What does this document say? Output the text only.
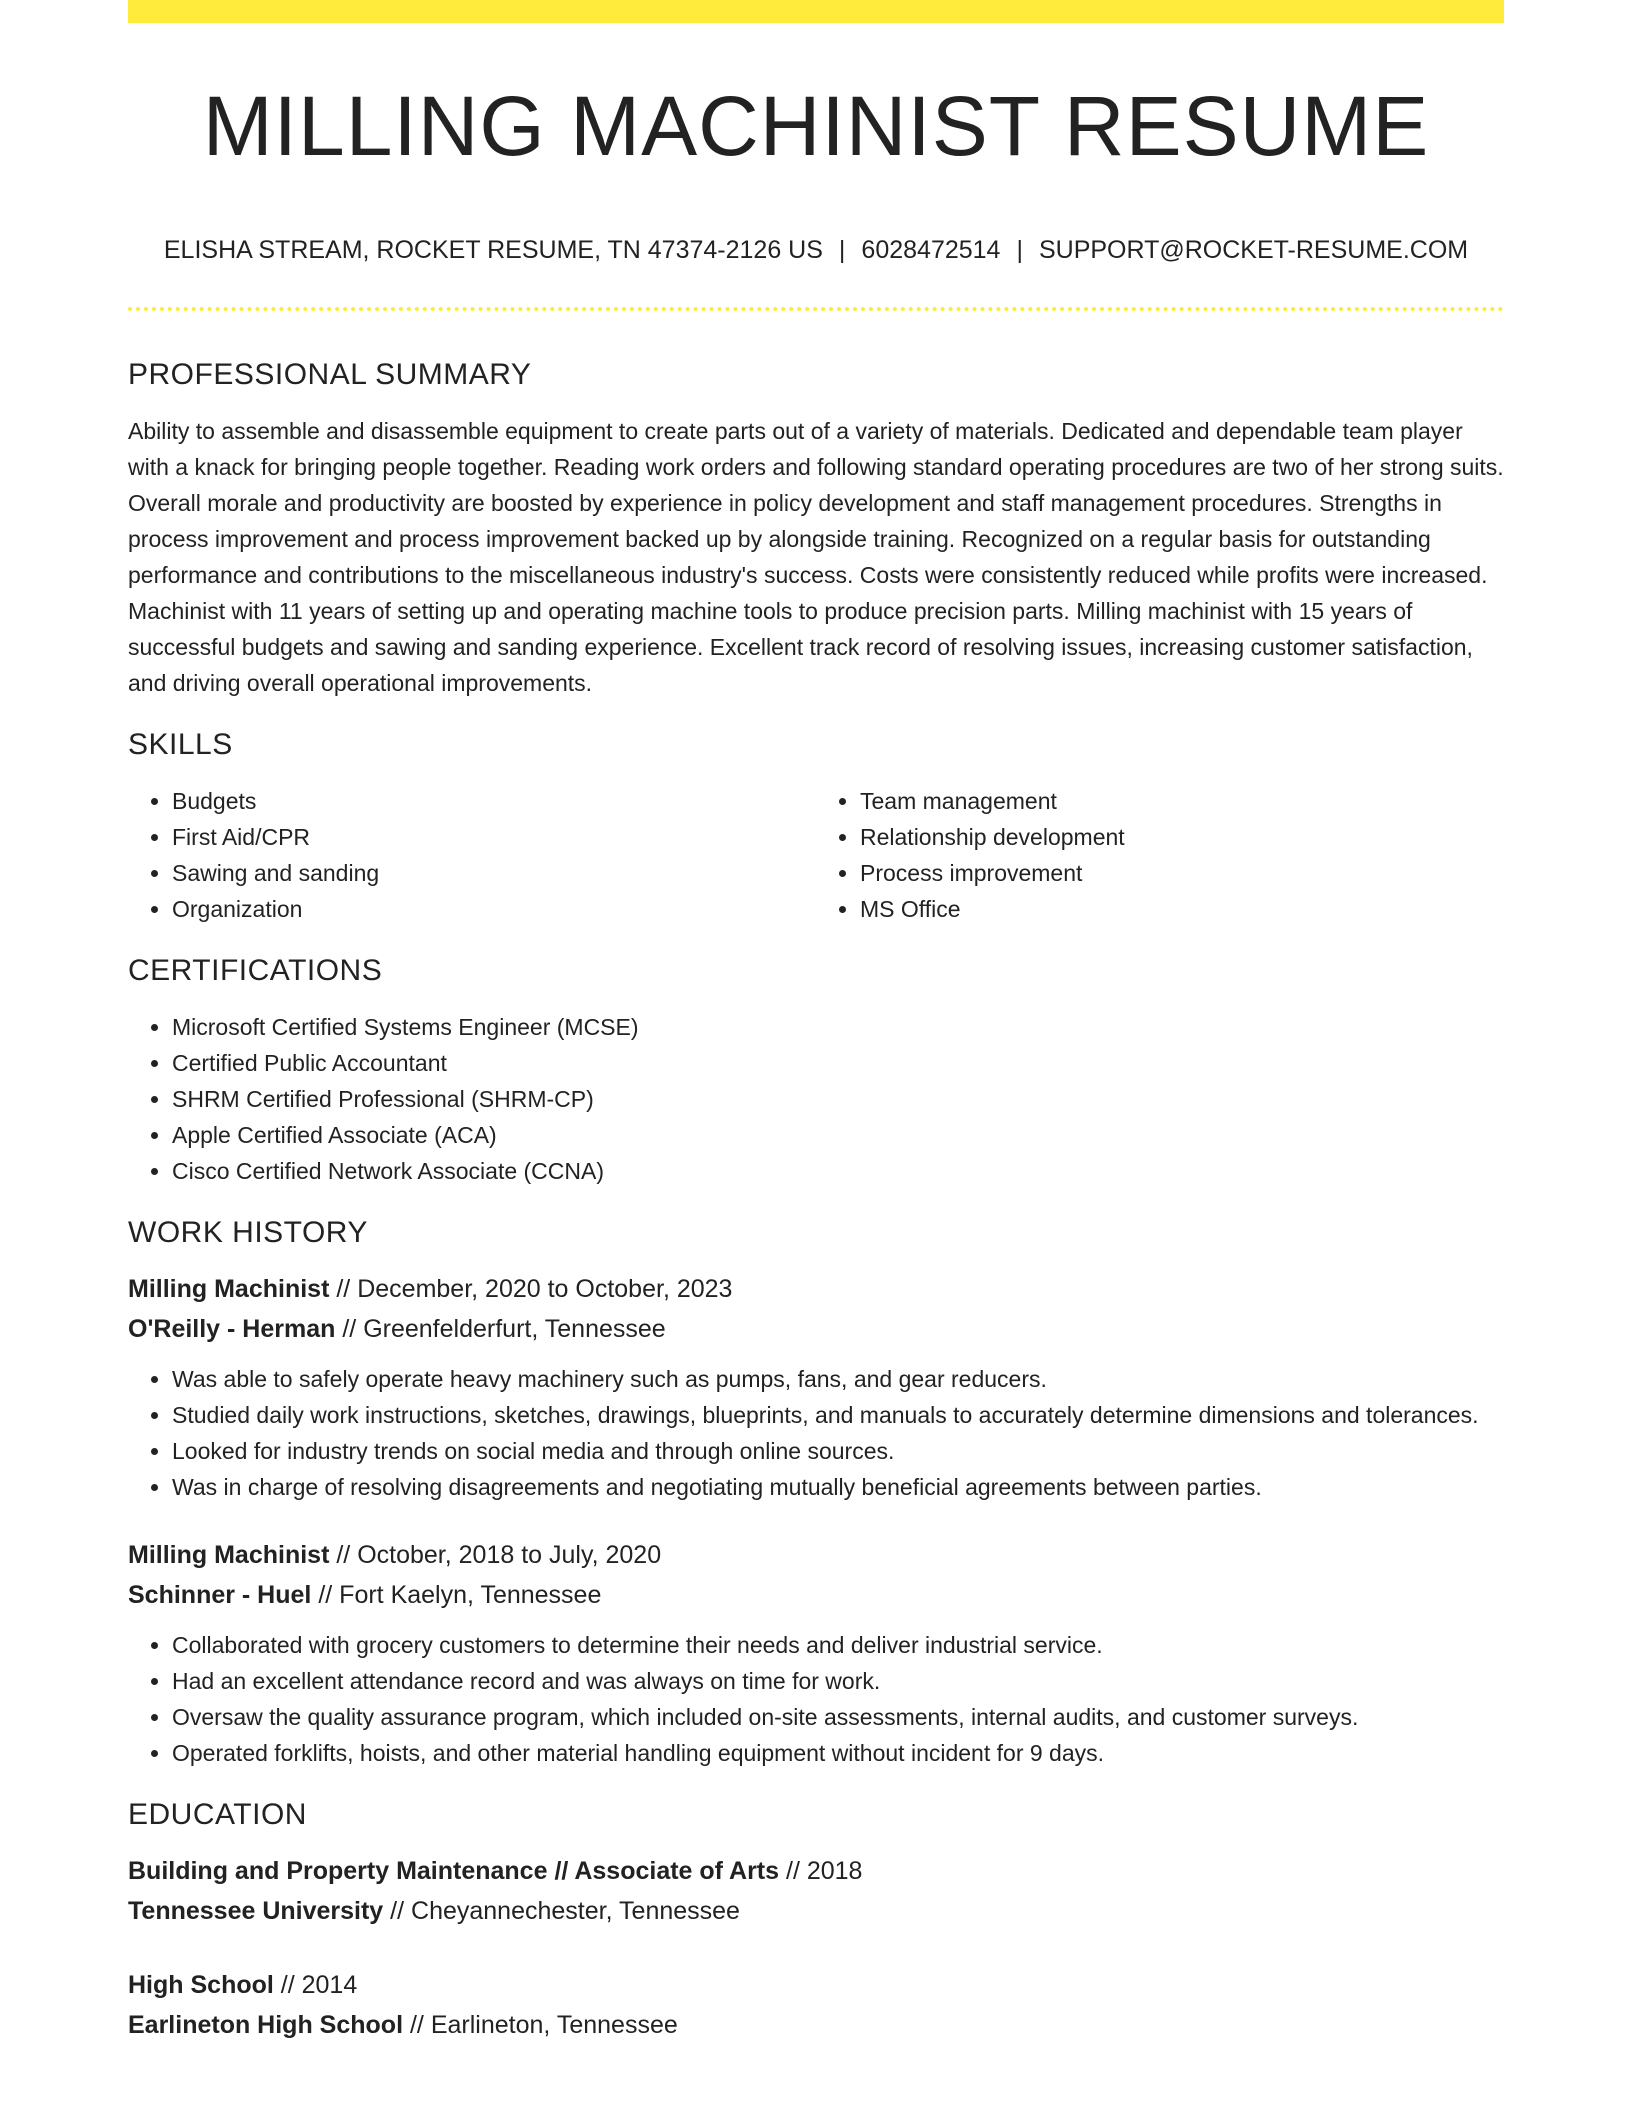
MILLING MACHINIST RESUME
ELISHA STREAM, ROCKET RESUME, TN 47374-2126 US | 6028472514 | SUPPORT@ROCKET-RESUME.COM
PROFESSIONAL SUMMARY

Ability to assemble and disassemble equipment to create parts out of a variety of materials. Dedicated and dependable team player with a knack for bringing people together. Reading work orders and following standard operating procedures are two of her strong suits. Overall morale and productivity are boosted by experience in policy development and staff management procedures. Strengths in process improvement and process improvement backed up by alongside training. Recognized on a regular basis for outstanding performance and contributions to the miscellaneous industry's success. Costs were consistently reduced while profits were increased. Machinist with 11 years of setting up and operating machine tools to produce precision parts. Milling machinist with 15 years of successful budgets and sawing and sanding experience. Excellent track record of resolving issues, increasing customer satisfaction, and driving overall operational improvements.

SKILLS
• Budgets
• First Aid/CPR
• Sawing and sanding
• Organization
• Team management
• Relationship development
• Process improvement
• MS Office
CERTIFICATIONS
• Microsoft Certified Systems Engineer (MCSE)
• Certified Public Accountant
• SHRM Certified Professional (SHRM-CP)
• Apple Certified Associate (ACA)
• Cisco Certified Network Associate (CCNA)
WORK HISTORY

Milling Machinist // December, 2020 to October, 2023

O'Reilly - Herman // Greenfelderfurt, Tennessee

• Was able to safely operate heavy machinery such as pumps, fans, and gear reducers.
• Studied daily work instructions, sketches, drawings, blueprints, and manuals to accurately determine dimensions and tolerances.
• Looked for industry trends on social media and through online sources.
• Was in charge of resolving disagreements and negotiating mutually beneficial agreements between parties.

Milling Machinist // October, 2018 to July, 2020

Schinner - Huel // Fort Kaelyn, Tennessee

• Collaborated with grocery customers to determine their needs and deliver industrial service.
• Had an excellent attendance record and was always on time for work.
• Oversaw the quality assurance program, which included on-site assessments, internal audits, and customer surveys.
• Operated forklifts, hoists, and other material handling equipment without incident for 9 days.
EDUCATION

Building and Property Maintenance // Associate of Arts // 2018

Tennessee University // Cheyannechester, Tennessee

High School // 2014

Earlineton High School // Earlineton, Tennessee
